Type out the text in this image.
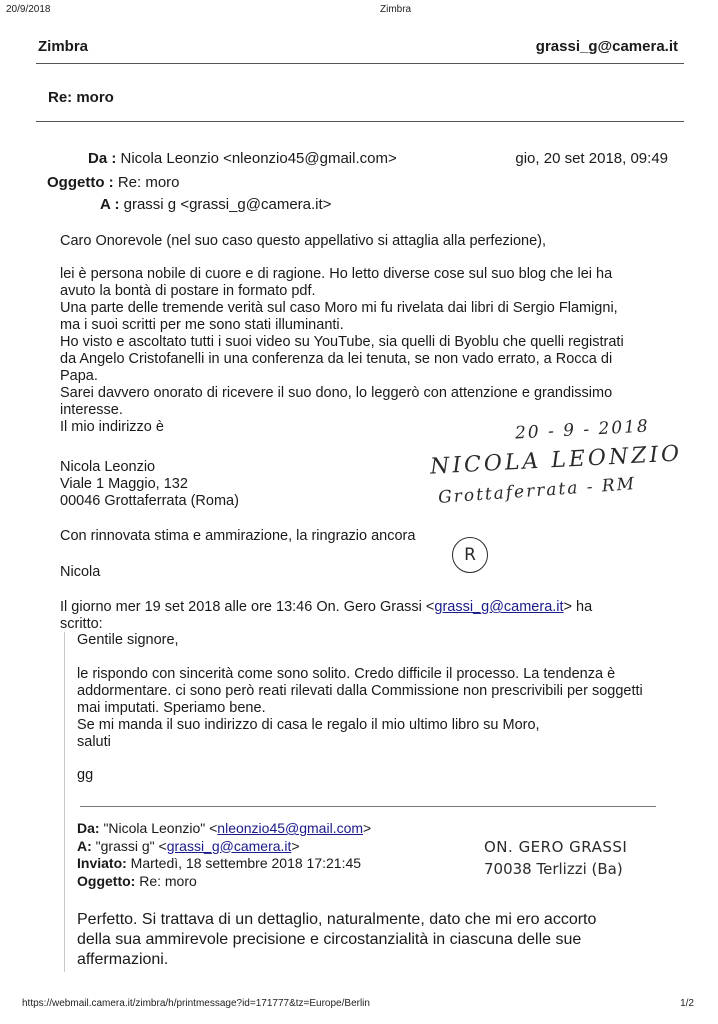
20/9/2018	Zimbra
Zimbra	grassi_g@camera.it
Re: moro
Da : Nicola Leonzio <nleonzio45@gmail.com>	gio, 20 set 2018, 09:49
Oggetto : Re: moro
A : grassi g <grassi_g@camera.it>
Caro Onorevole (nel suo caso questo appellativo si attaglia alla perfezione),
lei è persona nobile di cuore e di ragione. Ho letto diverse cose sul suo blog che lei ha
avuto la bontà di postare in formato pdf.
Una parte delle tremende verità sul caso Moro mi fu rivelata dai libri di Sergio Flamigni,
ma i suoi scritti per me sono stati illuminanti.
Ho visto e ascoltato tutti i suoi video su YouTube, sia quelli di Byoblu che quelli registrati
da Angelo Cristofanelli in una conferenza da lei tenuta, se non vado errato, a Rocca di
Papa.
Sarei davvero onorato di ricevere il suo dono, lo leggerò con attenzione e grandissimo
interesse.
Il mio indirizzo è
Nicola Leonzio
Viale 1 Maggio, 132
00046 Grottaferrata (Roma)
Con rinnovata stima e ammirazione, la ringrazio ancora
Nicola
Il giorno mer 19 set 2018 alle ore 13:46 On. Gero Grassi <grassi_g@camera.it> ha
scritto:
Gentile signore,
le rispondo con sincerità come sono solito. Credo difficile il processo. La tendenza è
addormentare. ci sono però reati rilevati dalla Commissione non prescrivibili per soggetti
mai imputati. Speriamo bene.
Se mi manda il suo indirizzo di casa le regalo il mio ultimo libro su Moro,
saluti
gg
Da: "Nicola Leonzio" <nleonzio45@gmail.com>
A: "grassi g" <grassi_g@camera.it>
Inviato: Martedì, 18 settembre 2018 17:21:45
Oggetto: Re: moro
ON. GERO GRASSI
70038 Terlizzi (Ba)
Perfetto. Si trattava di un dettaglio, naturalmente, dato che mi ero accorto
della sua ammirevole precisione e circostanzialità in ciascuna delle sue
affermazioni.
20 - 9 - 2018
NICOLA LEONZIO
Grottaferrata - RM
R
https://webmail.camera.it/zimbra/h/printmessage?id=171777&tz=Europe/Berlin	1/2
